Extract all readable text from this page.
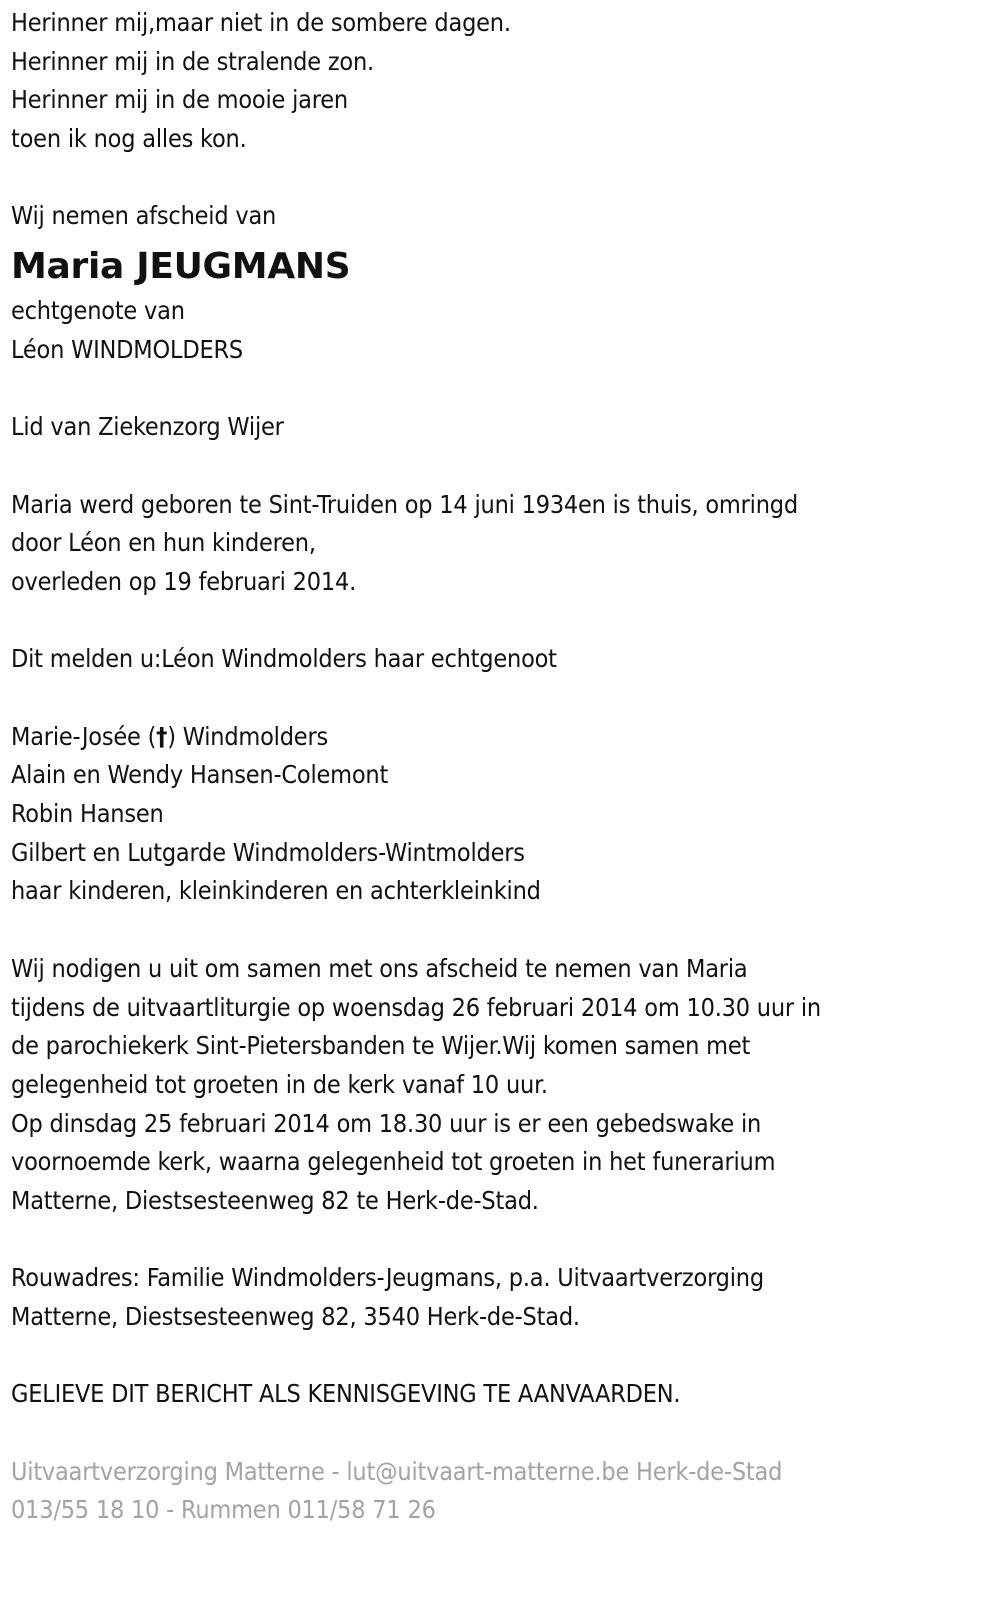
Herinner mij,maar niet in de sombere dagen.
Herinner mij in de stralende zon.
Herinner mij in de mooie jaren
toen ik nog alles kon.
Wij nemen afscheid van
Maria JEUGMANS
echtgenote van
Léon WINDMOLDERS
Lid van Ziekenzorg Wijer
Maria werd geboren te Sint-Truiden op 14 juni 1934en is thuis, omringd
door Léon en hun kinderen,
overleden op 19 februari 2014.
Dit melden u:Léon Windmolders haar echtgenoot
Marie-Josée (†) Windmolders
Alain en Wendy Hansen-Colemont
Robin Hansen
Gilbert en Lutgarde Windmolders-Wintmolders
haar kinderen, kleinkinderen en achterkleinkind
Wij nodigen u uit om samen met ons afscheid te nemen van Maria
tijdens de uitvaartliturgie op woensdag 26 februari 2014 om 10.30 uur in
de parochiekerk Sint-Pietersbanden te Wijer.Wij komen samen met
gelegenheid tot groeten in de kerk vanaf 10 uur.
Op dinsdag 25 februari 2014 om 18.30 uur is er een gebedswake in
voornoemde kerk, waarna gelegenheid tot groeten in het funerarium
Matterne, Diestsesteenweg 82 te Herk-de-Stad.
Rouwadres: Familie Windmolders-Jeugmans, p.a. Uitvaartverzorging
Matterne, Diestsesteenweg 82, 3540 Herk-de-Stad.
GELIEVE DIT BERICHT ALS KENNISGEVING TE AANVAARDEN.
Uitvaartverzorging Matterne - lut@uitvaart-matterne.be Herk-de-Stad
013/55 18 10 - Rummen 011/58 71 26
